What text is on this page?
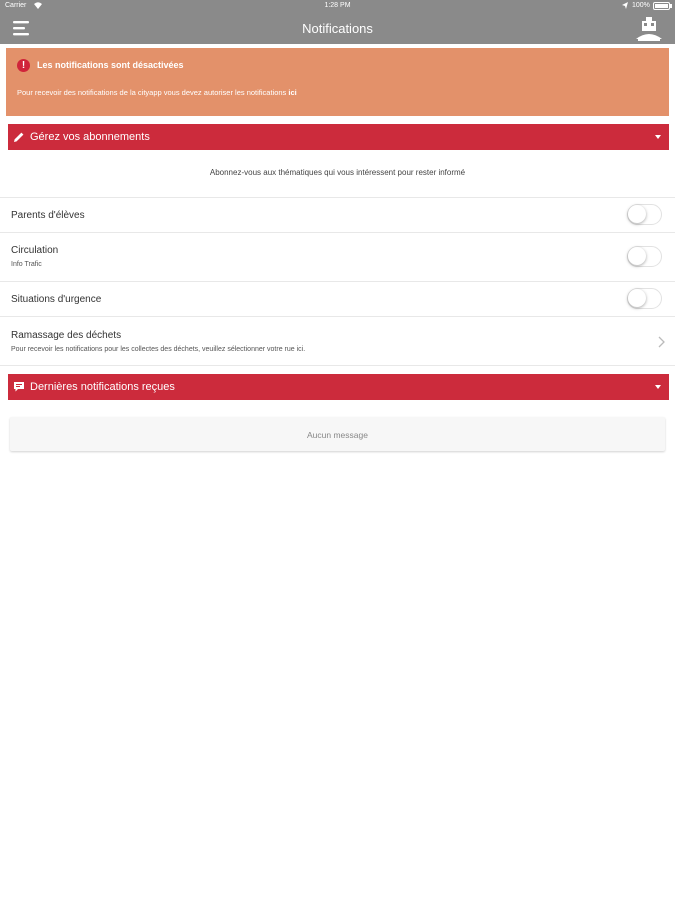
Carrier	1:28 PM	100%
Notifications
!	Les notifications sont désactivées
Pour recevoir des notifications de la cityapp vous devez autoriser les notifications ici
Gérez vos abonnements
Abonnez-vous aux thématiques qui vous intéressent pour rester informé
Parents d'élèves
Circulation
Info Trafic
Situations d'urgence
Ramassage des déchets
Pour recevoir les notifications pour les collectes des déchets, veuillez sélectionner votre rue ici.
Dernières notifications reçues
Aucun message
